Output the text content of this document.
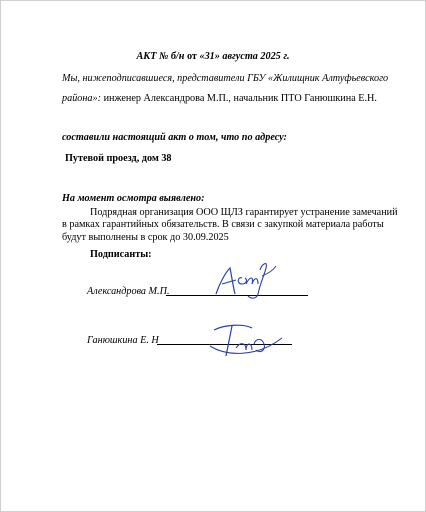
АКТ № б/н от «31» августа 2025 г.
Мы, нижеподписавшиеся, представители ГБУ «Жилищник Алтуфьевского
района»: инженер Александрова М.П., начальник ПТО Ганюшкина Е.Н.
составили настоящий акт о том, что по адресу:
Путевой проезд, дом 38
На момент осмотра выявлено:
Подрядная организация ООО ЩЛЗ гарантирует устранение замечаний
в рамках гарантийных обязательств. В связи с закупкой материала работы
будут выполнены в срок до 30.09.2025
Подписанты:
Александрова М.П.
Ганюшкина Е. Н
